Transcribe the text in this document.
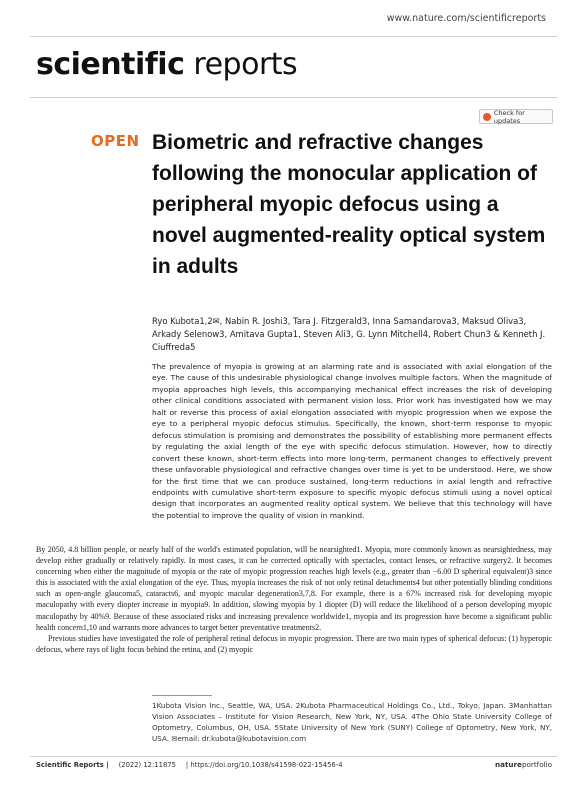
www.nature.com/scientificreports
scientific reports
Check for updates
OPEN Biometric and refractive changes following the monocular application of peripheral myopic defocus using a novel augmented-reality optical system in adults

Ryo Kubota1,2✉, Nabin R. Joshi3, Tara J. Fitzgerald3, Inna Samandarova3, Maksud Oliva3, Arkady Selenow3, Amitava Gupta1, Steven Ali3, G. Lynn Mitchell4, Robert Chun3 & Kenneth J. Ciuffreda5

The prevalence of myopia is growing at an alarming rate and is associated with axial elongation of the eye. The cause of this undesirable physiological change involves multiple factors. When the magnitude of myopia approaches high levels, this accompanying mechanical effect increases the risk of developing other clinical conditions associated with permanent vision loss. Prior work has investigated how we may halt or reverse this process of axial elongation associated with myopic progression when we expose the eye to a peripheral myopic defocus stimulus. Specifically, the known, short-term response to myopic defocus stimulation is promising and demonstrates the possibility of establishing more permanent effects by regulating the axial length of the eye with specific defocus stimulation. However, how to directly convert these known, short-term effects into more long-term, permanent changes to effectively prevent these unfavorable physiological and refractive changes over time is yet to be understood. Here, we show for the first time that we can produce sustained, long-term reductions in axial length and refractive endpoints with cumulative short-term exposure to specific myopic defocus stimuli using a novel optical design that incorporates an augmented reality optical system. We believe that this technology will have the potential to improve the quality of vision in mankind.

By 2050, 4.8 billion people, or nearly half of the world's estimated population, will be nearsighted1. Myopia, more commonly known as nearsightedness, may develop either gradually or relatively rapidly. In most cases, it can be corrected optically with spectacles, contact lenses, or refractive surgery2. It becomes concerning when either the magnitude of myopia or the rate of myopic progression reaches high levels (e.g., greater than −6.00 D spherical equivalent)3 since this is associated with the axial elongation of the eye. Thus, myopia increases the risk of not only retinal detachments4 but other potentially blinding conditions such as open-angle glaucoma5, cataracts6, and myopic macular degeneration3,7,8. For example, there is a 67% increased risk for developing myopic maculopathy with every diopter increase in myopia9. In addition, slowing myopia by 1 diopter (D) will reduce the likelihood of a person developing myopic maculopathy by 40%9. Because of these associated risks and increasing prevalence worldwide1, myopia and its progression have become a significant public health concern1,10 and warrants more advances to target better preventative treatments2.

Previous studies have investigated the role of peripheral retinal defocus in myopic progression. There are two main types of spherical defocus: (1) hyperopic defocus, where rays of light focus behind the retina, and (2) myopic

1Kubota Vision Inc., Seattle, WA, USA. 2Kubota Pharmaceutical Holdings Co., Ltd., Tokyo, Japan. 3Manhattan Vision Associates – Institute for Vision Research, New York, NY, USA. 4The Ohio State University College of Optometry, Columbus, OH, USA. 5State University of New York (SUNY) College of Optometry, New York, NY, USA. ✉email: dr.kubota@kubotavision.com

Scientific Reports | (2022) 12:11875 | https://doi.org/10.1038/s41598-022-15456-4	natureportfolio
